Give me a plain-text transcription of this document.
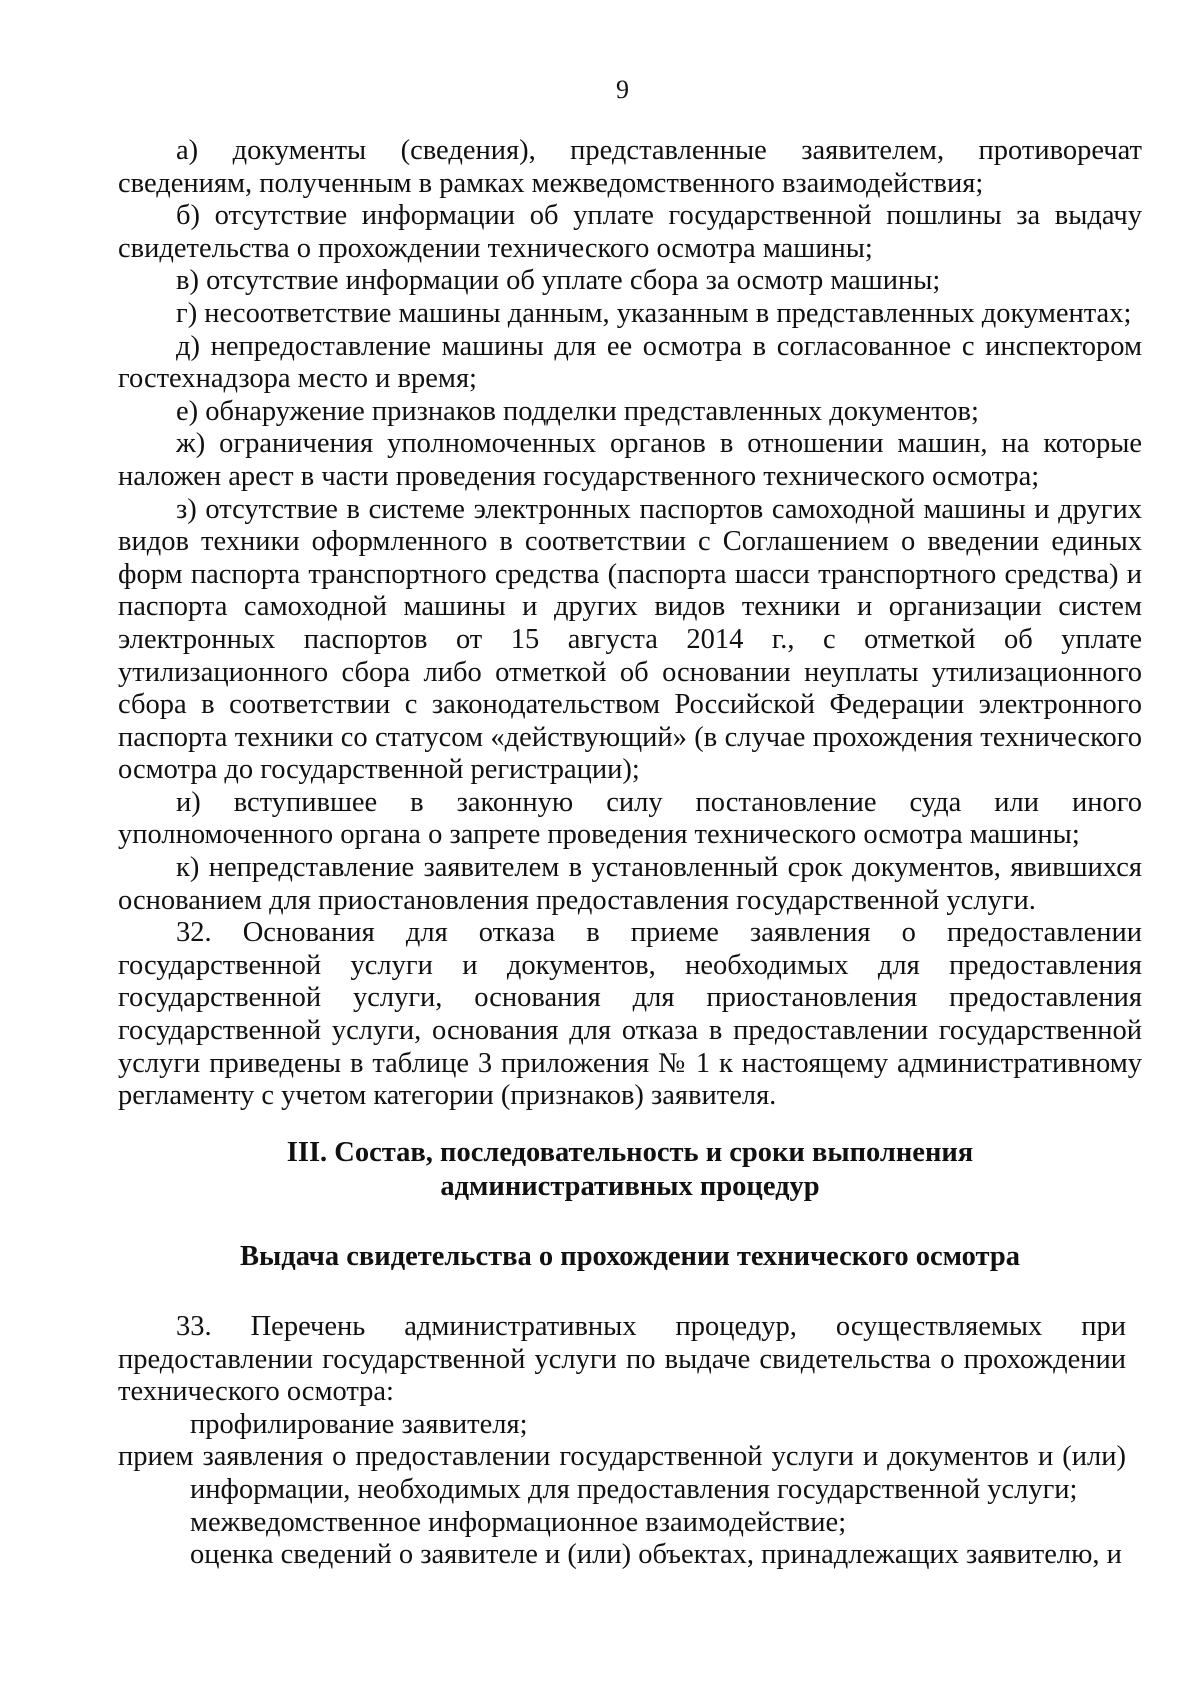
9

а) документы (сведения), представленные заявителем, противоречат сведениям, полученным в рамках межведомственного взаимодействия;

б) отсутствие информации об уплате государственной пошлины за выдачу свидетельства о прохождении технического осмотра машины;

в) отсутствие информации об уплате сбора за осмотр машины;

г) несоответствие машины данным, указанным в представленных документах;

д) непредоставление машины для ее осмотра в согласованное с инспектором гостехнадзора место и время;

е) обнаружение признаков подделки представленных документов;

ж) ограничения уполномоченных органов в отношении машин, на которые наложен арест в части проведения государственного технического осмотра;

з) отсутствие в системе электронных паспортов самоходной машины и других видов техники оформленного в соответствии с Соглашением о введении единых форм паспорта транспортного средства (паспорта шасси транспортного средства) и паспорта самоходной машины и других видов техники и организации систем электронных паспортов от 15 августа 2014 г., с отметкой об уплате утилизационного сбора либо отметкой об основании неуплаты утилизационного сбора в соответствии с законодательством Российской Федерации электронного паспорта техники со статусом «действующий» (в случае прохождения технического осмотра до государственной регистрации);

и) вступившее в законную силу постановление суда или иного уполномоченного органа о запрете проведения технического осмотра машины;

к) непредставление заявителем в установленный срок документов, явившихся основанием для приостановления предоставления государственной услуги.

32. Основания для отказа в приеме заявления о предоставлении государственной услуги и документов, необходимых для предоставления государственной услуги, основания для приостановления предоставления государственной услуги, основания для отказа в предоставлении государственной услуги приведены в таблице 3 приложения № 1 к настоящему административному регламенту с учетом категории (признаков) заявителя.

III. Состав, последовательность и сроки выполнения
административных процедур
Выдача свидетельства о прохождении технического осмотра

33. Перечень административных процедур, осуществляемых при предоставлении государственной услуги по выдаче свидетельства о прохождении технического осмотра:

профилирование заявителя;

прием заявления о предоставлении государственной услуги и документов и (или) информации, необходимых для предоставления государственной услуги;

межведомственное информационное взаимодействие;

оценка сведений о заявителе и (или) объектах, принадлежащих заявителю, и
